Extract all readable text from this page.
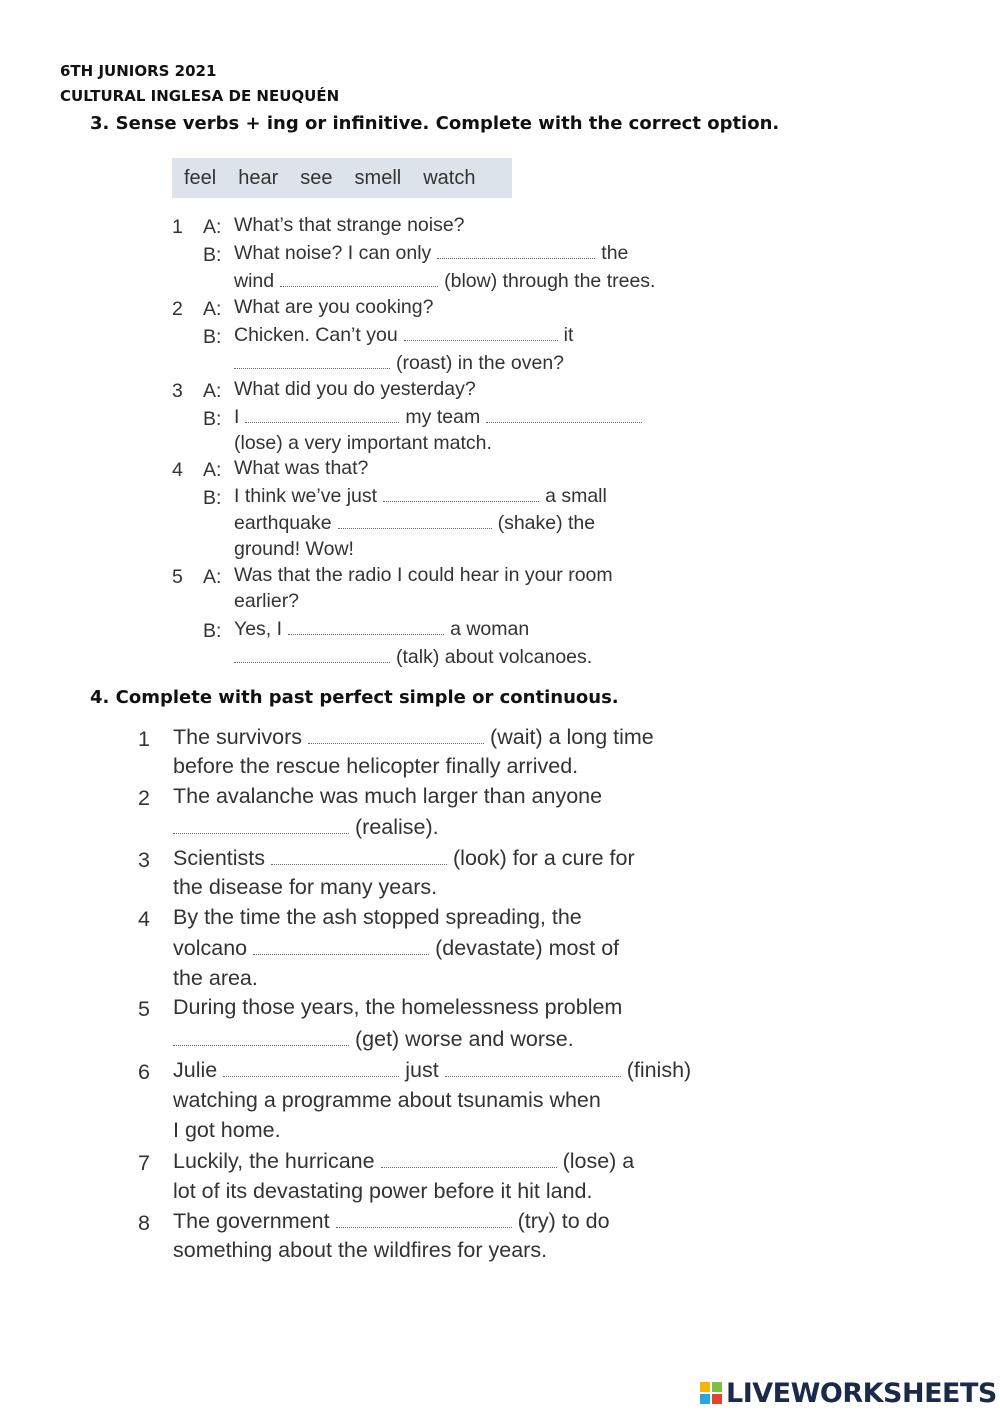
6TH JUNIORS 2021
CULTURAL INGLESA DE NEUQUÉN
3. Sense verbs + ing or infinitive. Complete with the correct option.
feel hear see smell watch
1 A: What’s that strange noise?
B: What noise? I can only	the
wind	(blow) through the trees.
2 A: What are you cooking?
B: Chicken. Can’t you	it
(roast) in the oven?
3 A: What did you do yesterday?
B: I	my team
(lose) a very important match.
4 A: What was that?
B: I think we’ve just	a small
earthquake	(shake) the
ground! Wow!
5 A: Was that the radio I could hear in your room
earlier?
B: Yes, I	a woman
(talk) about volcanoes.
4. Complete with past perfect simple or continuous.
1 The survivors	(wait) a long time
before the rescue helicopter finally arrived.
2 The avalanche was much larger than anyone
(realise).
3 Scientists	(look) for a cure for
the disease for many years.
4 By the time the ash stopped spreading, the
volcano	(devastate) most of
the area.
5 During those years, the homelessness problem
(get) worse and worse.
6 Julie	just	(finish)
watching a programme about tsunamis when
I got home.
7 Luckily, the hurricane	(lose) a
lot of its devastating power before it hit land.
8 The government	(try) to do
something about the wildfires for years.
LIVEWORKSHEETS
